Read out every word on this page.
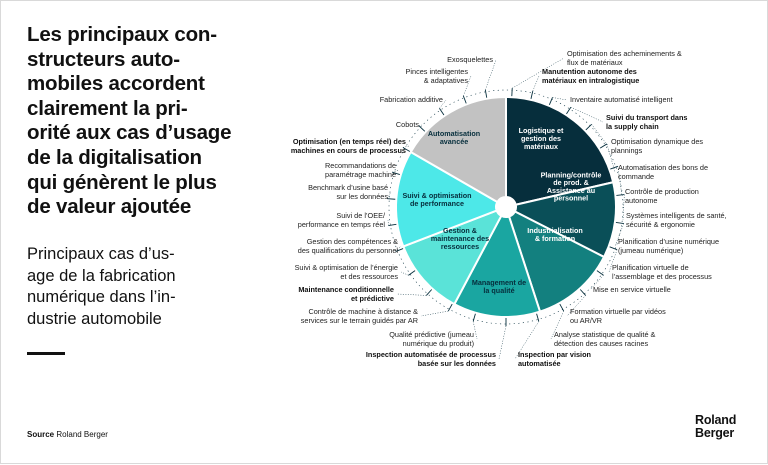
Les principaux con-
structeurs auto-
mobiles accordent
clairement la pri-
orité aux cas d’usage
de la digitalisation
qui génèrent le plus
de valeur ajoutée

Principaux cas d’us-
age de la fabrication
numérique dans l’in-
dustrie automobile

Logistique et gestion des matériaux
Planning/contrôle de prod. & Assistance au personnel
Industrialisation & formation
Management de la qualité
Gestion & maintenance des ressources
Suivi & optimisation de performance
Automatisation avancée
Optimisation des acheminements & flux de matériaux
Manutention autonome des matériaux en intralogistique
Inventaire automatisé intelligent
Suivi du transport dans la supply chain
Optimisation dynamique des plannings
Automatisation des bons de commande
Contrôle de production autonome
Systèmes intelligents de santé, sécurité & ergonomie
Planification d’usine numérique (jumeau numérique)
Planification virtuelle de l’assemblage et des processus
Mise en service virtuelle
Formation virtuelle par vidéos ou AR/VR
Analyse statistique de qualité & détection des causes racines
Inspection par vision automatisée
Inspection automatisée de processus basée sur les données
Qualité prédictive (jumeau numérique du produit)
Contrôle de machine à distance & services sur le terrain guidés par AR
Maintenance conditionnelle et prédictive
Suivi & optimisation de l’énergie et des ressources
Gestion des compétences & des qualifications du personnel
Suivi de l’OEE/ performance en temps réel
Benchmark d’usine basé sur les données
Recommandations de paramétrage machine
Optimisation (en temps réel) des machines en cours de processus
Cobots
Fabrication additive
Pinces intelligentes & adaptatives
Exosquelettes
Source Roland Berger
Roland
Berger
